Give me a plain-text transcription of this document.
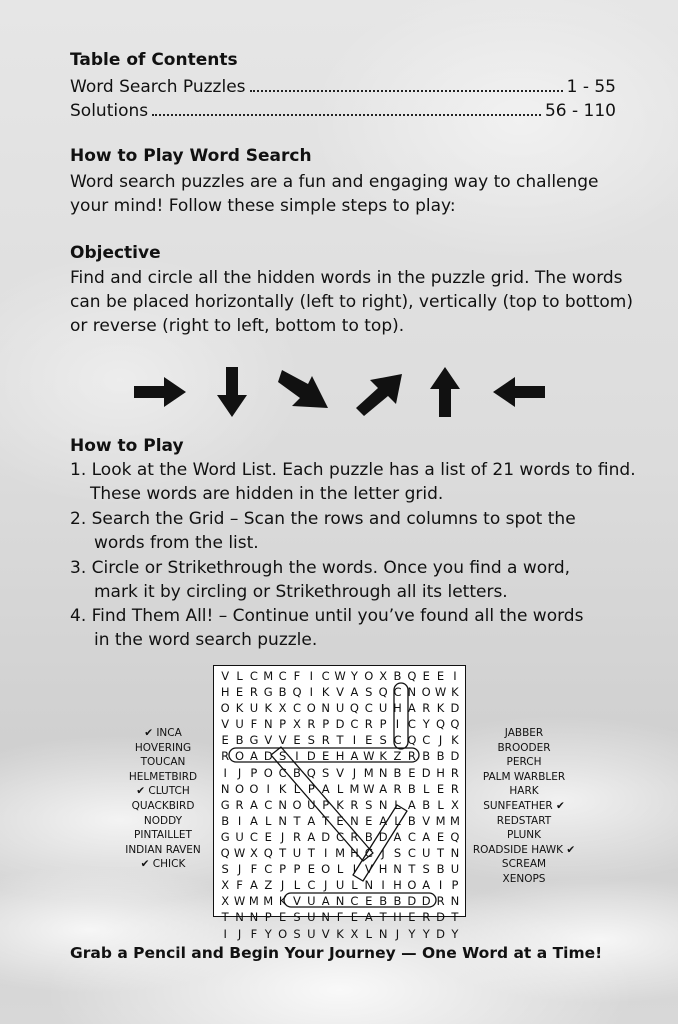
Table of Contents
Word Search Puzzles	1 - 55
Solutions	56 - 110
How to Play Word Search
Word search puzzles are a fun and engaging way to challenge
your mind! Follow these simple steps to play:
Objective
Find and circle all the hidden words in the puzzle grid. The words
can be placed horizontally (left to right), vertically (top to bottom)
or reverse (right to left, bottom to top).
How to Play
1. Look at the Word List. Each puzzle has a list of 21 words to find.
These words are hidden in the letter grid.
2. Search the Grid – Scan the rows and columns to spot the
words from the list.
3. Circle or Strikethrough the words. Once you find a word,
mark it by circling or Strikethrough all its letters.
4. Find Them All! – Continue until you’ve found all the words
in the word search puzzle.
✔ INCA
HOVERING
TOUCAN
HELMETBIRD
✔ CLUTCH
QUACKBIRD
NODDY
PINTAILLET
INDIAN RAVEN
✔ CHICK
JABBER
BROODER
PERCH
PALM WARBLER
HARK
SUNFEATHER ✔
REDSTART
PLUNK
ROADSIDE HAWK ✔
SCREAM
XENOPS
V L C M C F I C W Y O X B Q E E I
H E R G B Q I K V A S Q C N O W K
O K U K X C O N U Q C U H A R K D
V U F N P X R P D C R P I C Y Q Q
E B G V V E S R T I E S C Q C J K
R O A D S I D E H A W K Z R B B D
I J P O C B Q S V J M N B E D H R
N O O I K L P A L M W A R B L E R
G R A C N O U P K R S N L A B L X
B I A L N T A T E N E A L B V M M
G U C E J R A D C R B D A C A E Q
Q W X Q T U T I M H C J S C U T N
S J F C P P E O L I V H N T S B U
X F A Z J L C J U L N I H O A I P
X W M M K V U A N C E B B D D R N
T N N P E S U N F E A T H E R D T
I J F Y O S U V K X L N J Y Y D Y
Grab a Pencil and Begin Your Journey — One Word at a Time!
